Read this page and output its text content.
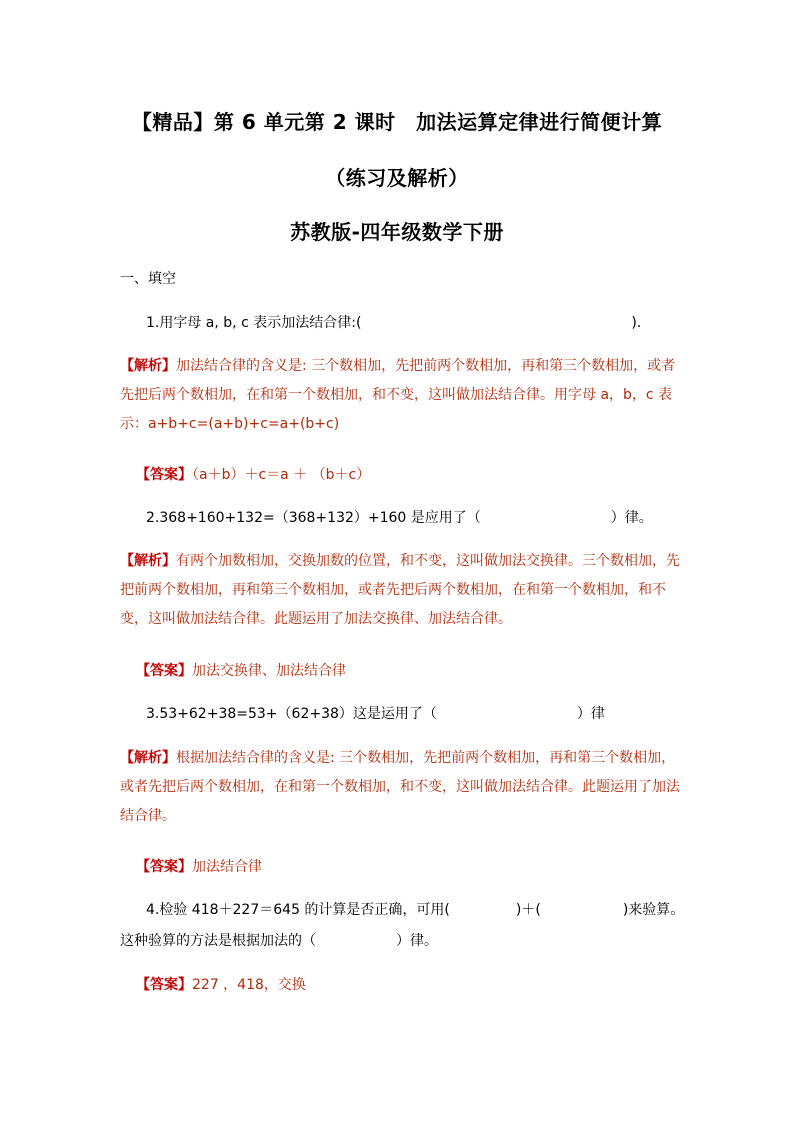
【精品】第 6 单元第 2 课时　加法运算定律进行简便计算
（练习及解析）
苏教版-四年级数学下册
一、填空
1.用字母 a, b, c 表示加法结合律:(	)．
【解析】加法结合律的含义是: 三个数相加，先把前两个数相加，再和第三个数相加，或者先把后两个数相加，在和第一个数相加，和不变，这叫做加法结合律。用字母 a，b，c 表示：a+b+c=(a+b)+c=a+(b+c)
【答案】（a＋b）＋c＝a ＋ （b＋c）
2.368+160+132=（368+132）+160 是应用了（	）律。
【解析】有两个加数相加，交换加数的位置，和不变，这叫做加法交换律。三个数相加，先把前两个数相加，再和第三个数相加，或者先把后两个数相加，在和第一个数相加，和不变，这叫做加法结合律。此题运用了加法交换律、加法结合律。
【答案】加法交换律、加法结合律
3.53+62+38=53+（62+38）这是运用了（	）律
【解析】根据加法结合律的含义是: 三个数相加，先把前两个数相加，再和第三个数相加，或者先把后两个数相加，在和第一个数相加，和不变，这叫做加法结合律。此题运用了加法结合律。
【答案】加法结合律
4.检验 418＋227＝645 的计算是否正确，可用(	)＋(	)来验算。
这种验算的方法是根据加法的（	）律。
【答案】227 ，418，交换
